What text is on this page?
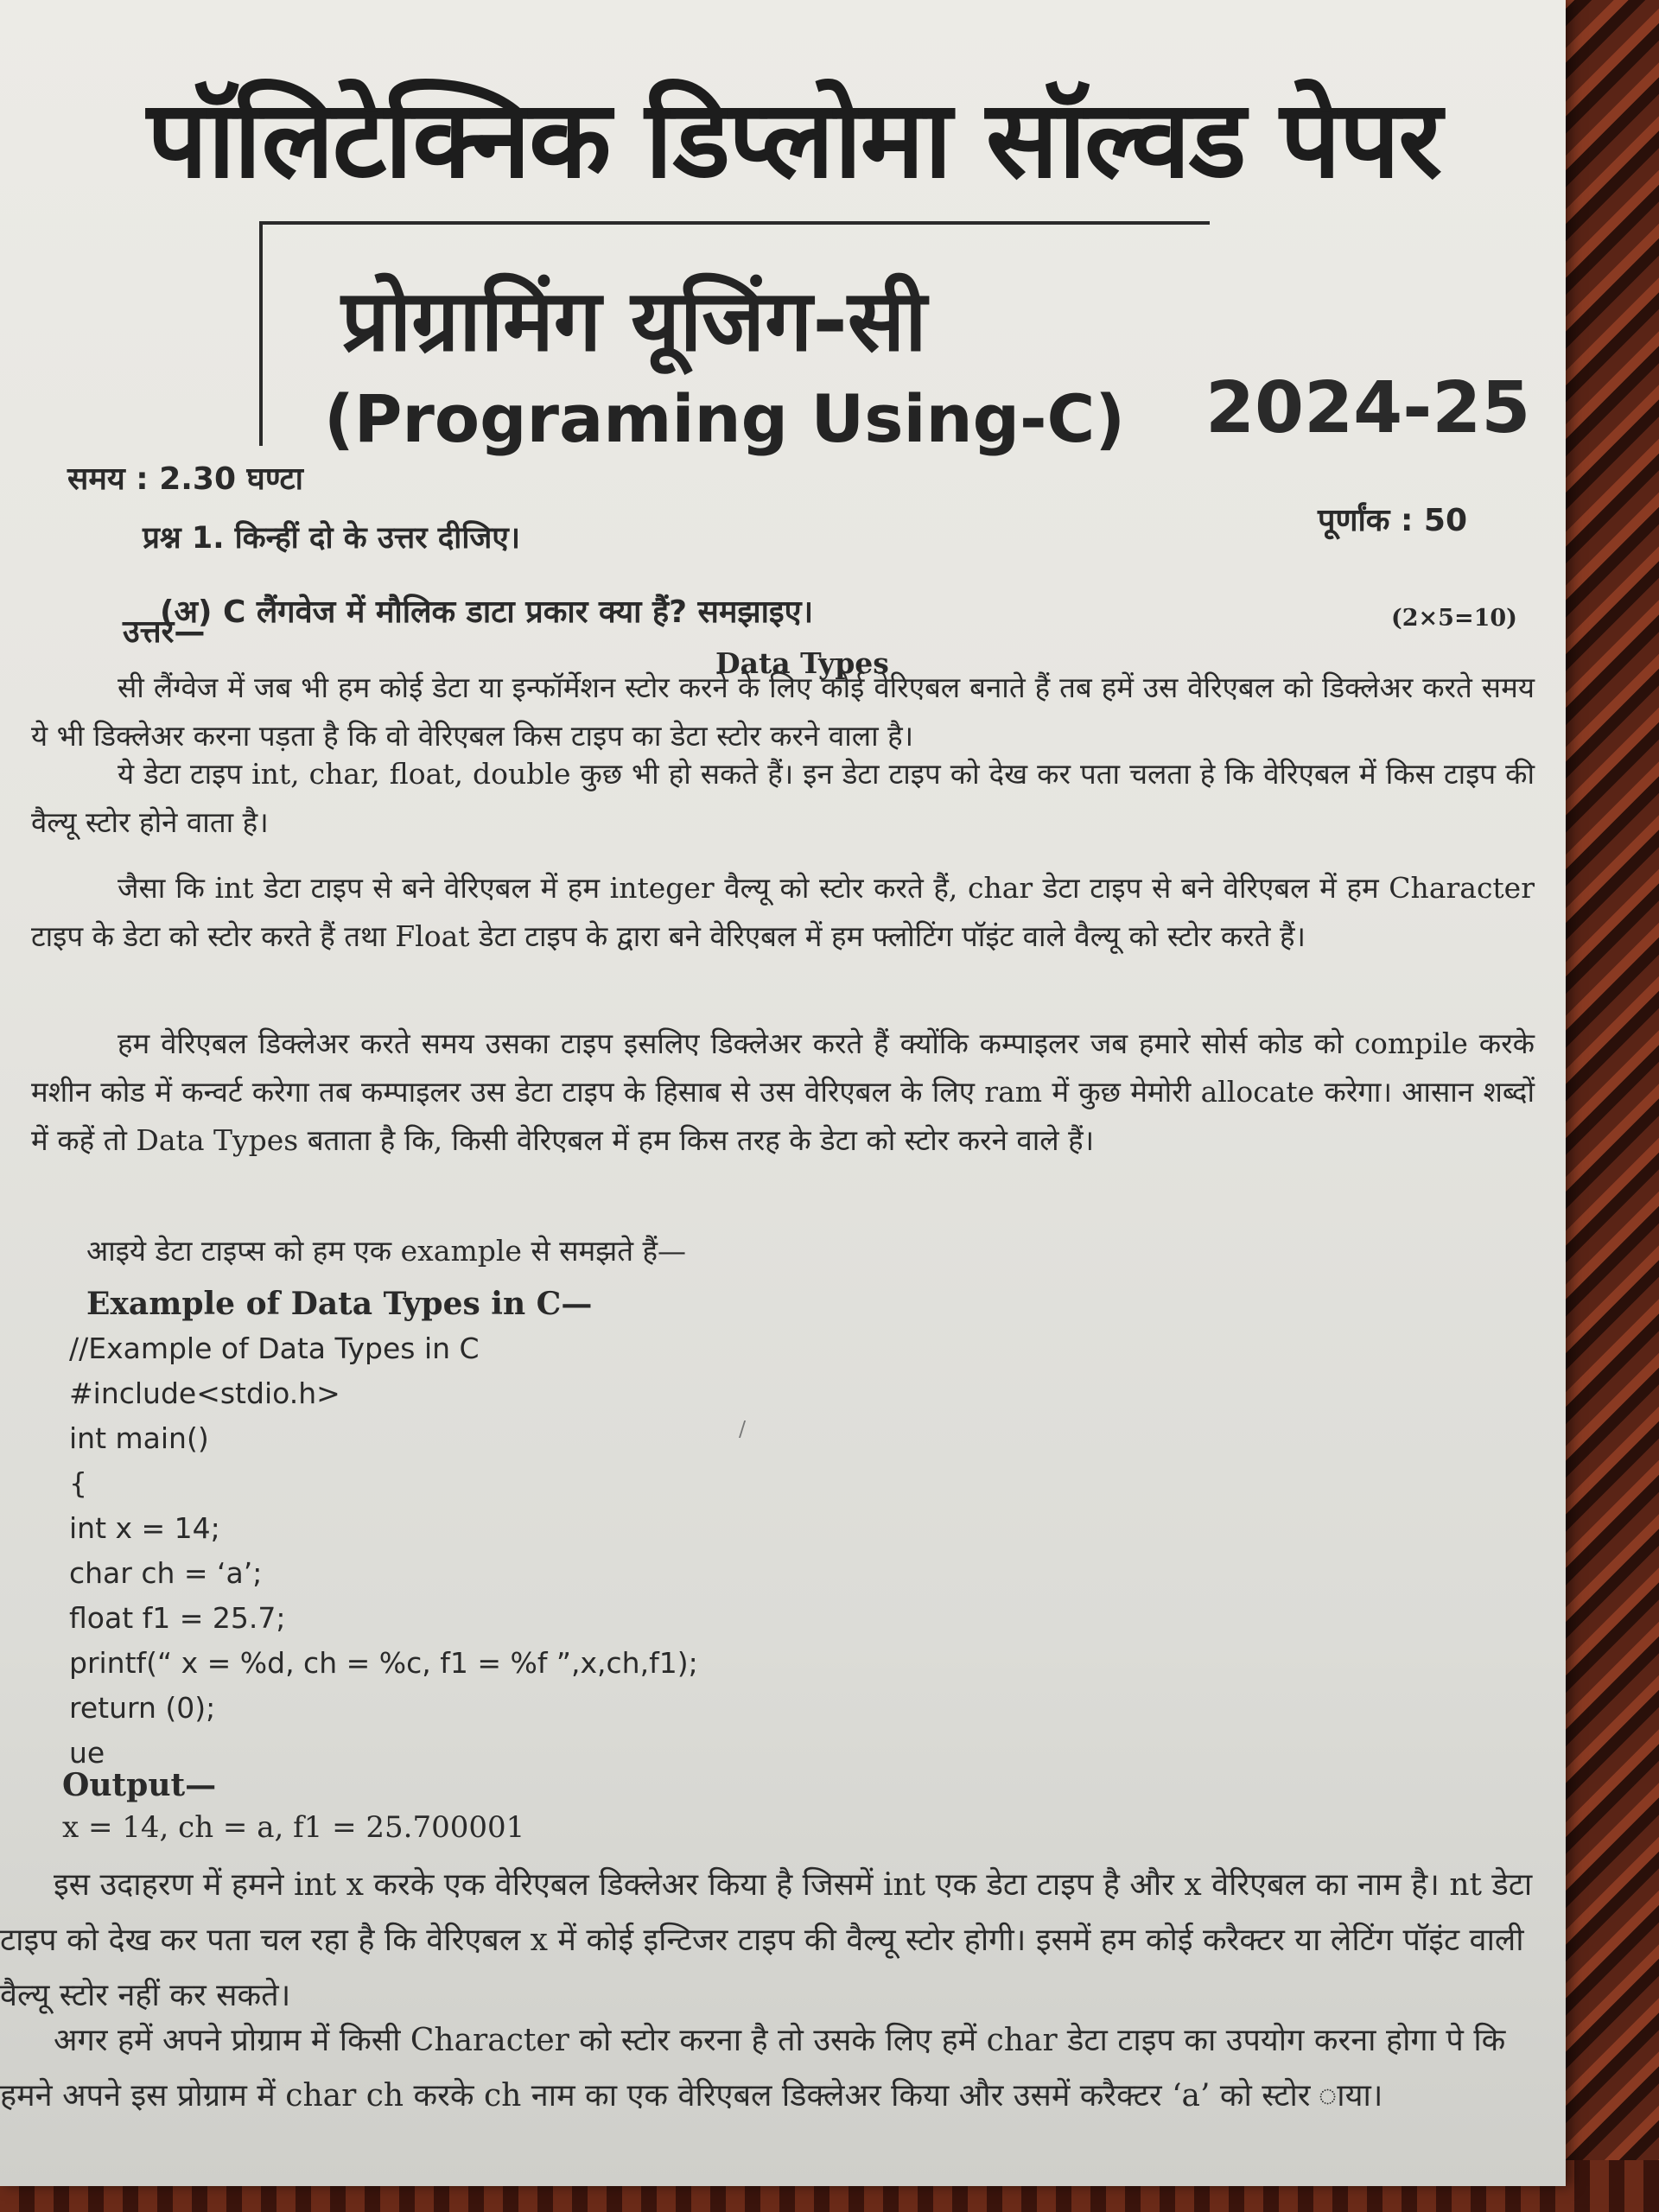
पॉलिटेक्निक डिप्लोमा सॉल्वड पेपर
प्रोग्रामिंग यूजिंग-सी
(Programing Using-C) 2024-25
समय : 2.30 घण्टा
पूर्णांक : 50
प्रश्न 1. किन्हीं दो के उत्तर दीजिए।
(अ) C लैंगवेज में मौलिक डाटा प्रकार क्या हैं? समझाइए।	(2×5=10)
उत्तर—
Data Types

सी लैंग्वेज में जब भी हम कोई डेटा या इन्फॉर्मेशन स्टोर करने के लिए कोई वेरिएबल बनाते हैं तब हमें उस वेरिएबल को डिक्लेअर करते समय ये भी डिक्लेअर करना पड़ता है कि वो वेरिएबल किस टाइप का डेटा स्टोर करने वाला है।

ये डेटा टाइप int, char, float, double कुछ भी हो सकते हैं। इन डेटा टाइप को देख कर पता चलता हे कि वेरिएबल में किस टाइप की वैल्यू स्टोर होने वाता है।

जैसा कि int डेटा टाइप से बने वेरिएबल में हम integer वैल्यू को स्टोर करते हैं, char डेटा टाइप से बने वेरिएबल में हम Character टाइप के डेटा को स्टोर करते हैं तथा Float डेटा टाइप के द्वारा बने वेरिएबल में हम फ्लोटिंग पॉइंट वाले वैल्यू को स्टोर करते हैं।

हम वेरिएबल डिक्लेअर करते समय उसका टाइप इसलिए डिक्लेअर करते हैं क्योंकि कम्पाइलर जब हमारे सोर्स कोड को compile करके मशीन कोड में कन्वर्ट करेगा तब कम्पाइलर उस डेटा टाइप के हिसाब से उस वेरिएबल के लिए ram में कुछ मेमोरी allocate करेगा। आसान शब्दों में कहें तो Data Types बताता है कि, किसी वेरिएबल में हम किस तरह के डेटा को स्टोर करने वाले हैं।

आइये डेटा टाइप्स को हम एक example से समझते हैं—

Example of Data Types in C—
//Example of Data Types in C
#include<stdio.h>
int main()
{
int x = 14;
char ch = ‘a’;
float f1 = 25.7;
printf(“ x = %d, ch = %c, f1 = %f ”,x,ch,f1);
return (0);
ue
/
Output—
x = 14, ch = a, f1 = 25.700001

इस उदाहरण में हमने int x करके एक वेरिएबल डिक्लेअर किया है जिसमें int एक डेटा टाइप है और x वेरिएबल का नाम है। nt डेटा टाइप को देख कर पता चल रहा है कि वेरिएबल x में कोई इन्टिजर टाइप की वैल्यू स्टोर होगी। इसमें हम कोई करैक्टर या लेटिंग पॉइंट वाली वैल्यू स्टोर नहीं कर सकते।

अगर हमें अपने प्रोग्राम में किसी Character को स्टोर करना है तो उसके लिए हमें char डेटा टाइप का उपयोग करना होगा पे कि हमने अपने इस प्रोग्राम में char ch करके ch नाम का एक वेरिएबल डिक्लेअर किया और उसमें करैक्टर ‘a’ को स्टोर ाया।
